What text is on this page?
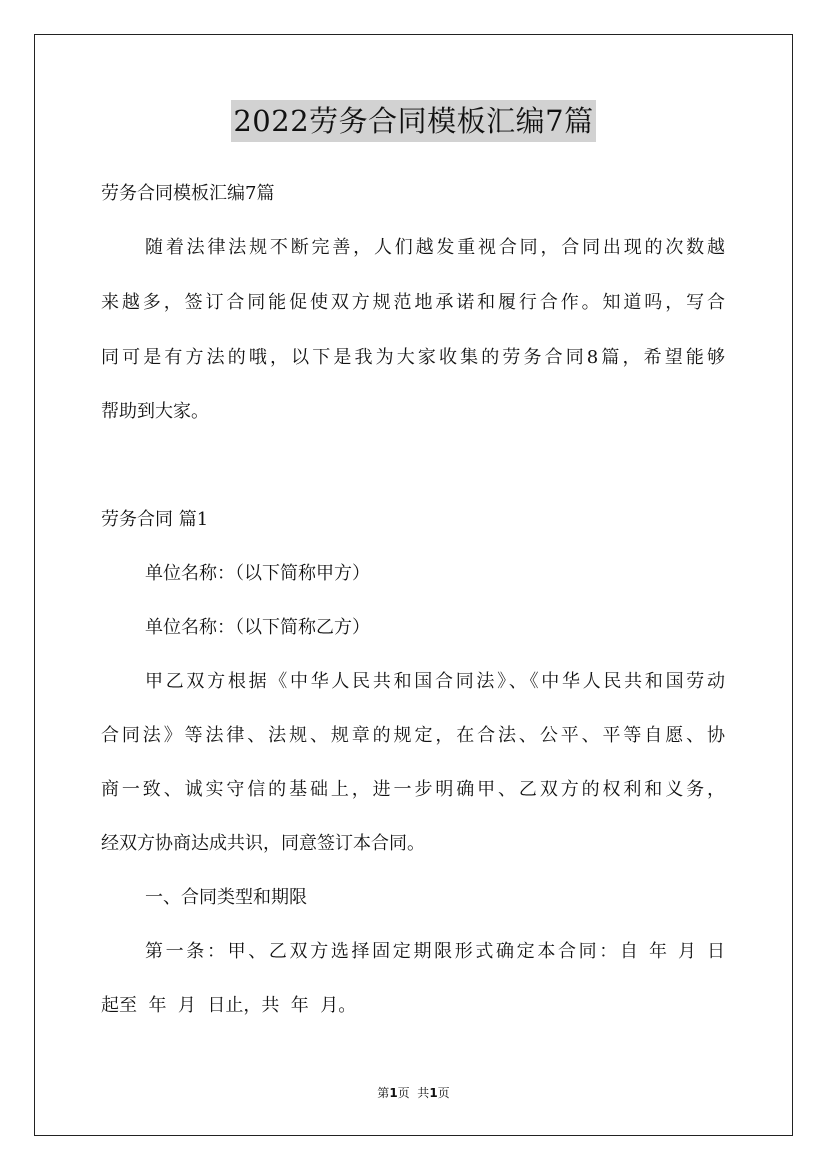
2022劳务合同模板汇编7篇
劳务合同模板汇编7篇
随着法律法规不断完善，人们越发重视合同，合同出现的次数越
来越多，签订合同能促使双方规范地承诺和履行合作。知道吗，写合
同可是有方法的哦，以下是我为大家收集的劳务合同8篇，希望能够
帮助到大家。
劳务合同 篇1
单位名称：（以下简称甲方）
单位名称：（以下简称乙方）
甲乙双方根据《中华人民共和国合同法》、《中华人民共和国劳动
合同法》等法律、法规、规章的规定，在合法、公平、平等自愿、协
商一致、诚实守信的基础上，进一步明确甲、乙双方的权利和义务，
经双方协商达成共识，同意签订本合同。
一、合同类型和期限
第一条：甲、乙双方选择固定期限形式确定本合同：自 年 月 日
起至  年  月  日止，共  年  月。
第1页  共1页
